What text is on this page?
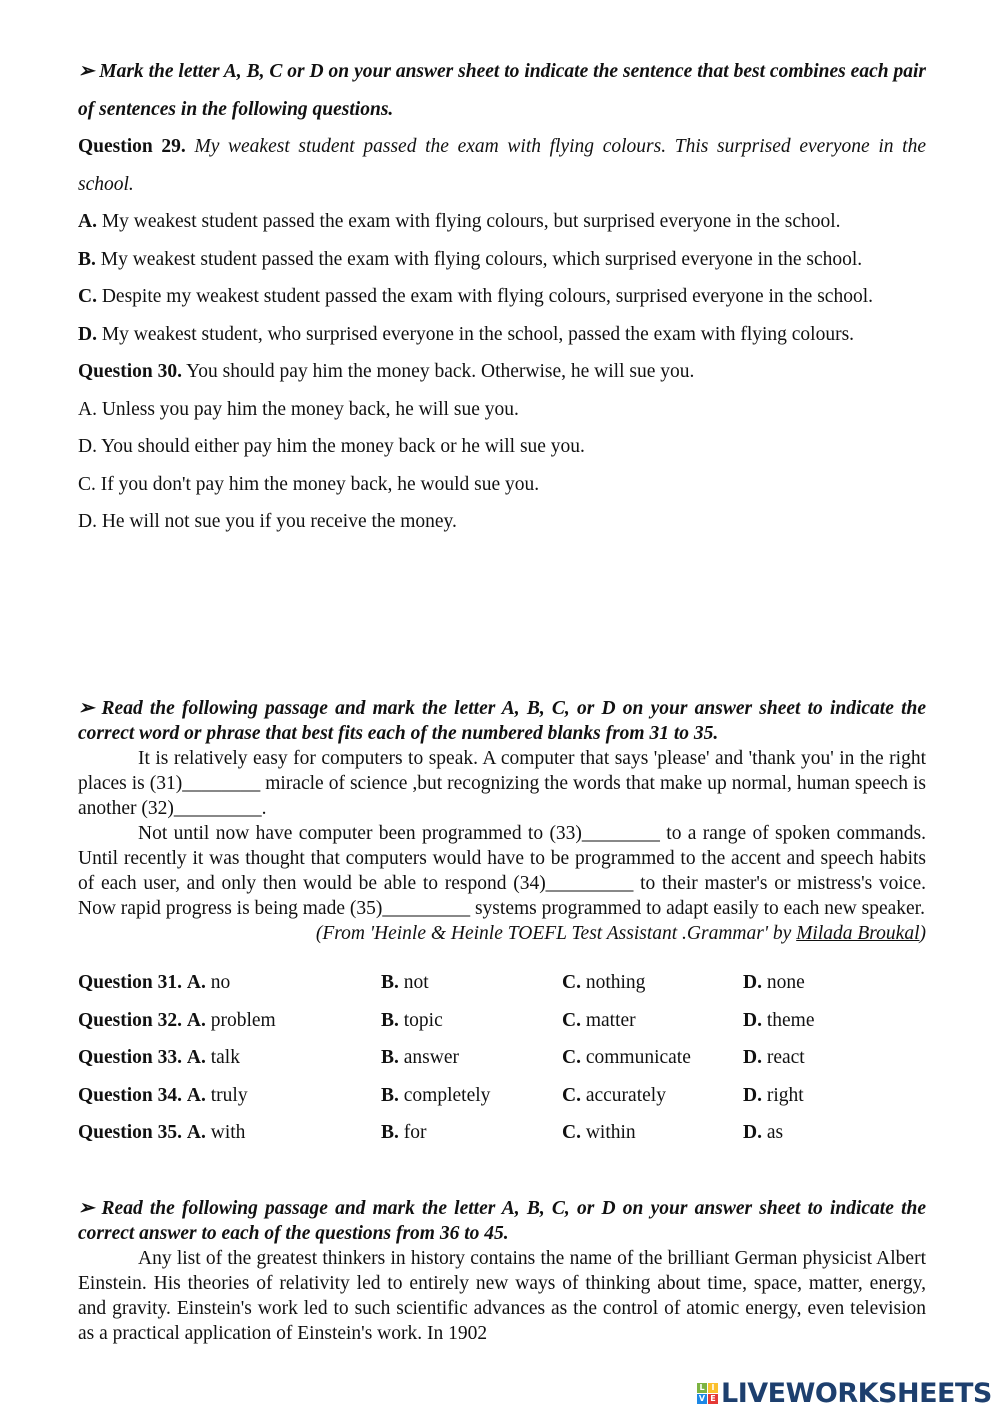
➢ Mark the letter A, B, C or D on your answer sheet to indicate the sentence that best combines each pair of sentences in the following questions.
Question 29. My weakest student passed the exam with flying colours. This surprised everyone in the school.
A. My weakest student passed the exam with flying colours, but surprised everyone in the school.
B. My weakest student passed the exam with flying colours, which surprised everyone in the school.
C. Despite my weakest student passed the exam with flying colours, surprised everyone in the school.
D. My weakest student, who surprised everyone in the school, passed the exam with flying colours.
Question 30. You should pay him the money back. Otherwise, he will sue you.
A. Unless you pay him the money back, he will sue you.
D. You should either pay him the money back or he will sue you.
C. If you don't pay him the money back, he would sue you.
D. He will not sue you if you receive the money.
➢ Read the following passage and mark the letter A, B, C, or D on your answer sheet to indicate the correct word or phrase that best fits each of the numbered blanks from 31 to 35.
It is relatively easy for computers to speak. A computer that says 'please' and 'thank you' in the right places is (31)________ miracle of science ,but recognizing the words that make up normal, human speech is another (32)_________.
Not until now have computer been programmed to (33)________ to a range of spoken commands. Until recently it was thought that computers would have to be programmed to the accent and speech habits of each user, and only then would be able to respond (34)_________ to their master's or mistress's voice. Now rapid progress is being made (35)_________ systems programmed to adapt easily to each new speaker.
(From 'Heinle & Heinle TOEFL Test Assistant .Grammar' by Milada Broukal)
Question 31. A. no	B. not	C. nothing	D. none
Question 32. A. problem	B. topic	C. matter	D. theme
Question 33. A. talk	B. answer	C. communicate	D. react
Question 34. A. truly	B. completely	C. accurately	D. right
Question 35. A. with	B. for	C. within	D. as
➢ Read the following passage and mark the letter A, B, C, or D on your answer sheet to indicate the correct answer to each of the questions from 36 to 45.
Any list of the greatest thinkers in history contains the name of the brilliant German physicist Albert Einstein. His theories of relativity led to entirely new ways of thinking about time, space, matter, energy, and gravity. Einstein's work led to such scientific advances as the control of atomic energy, even television as a practical application of Einstein's work. In 1902
L I
V E LIVEWORKSHEETS
